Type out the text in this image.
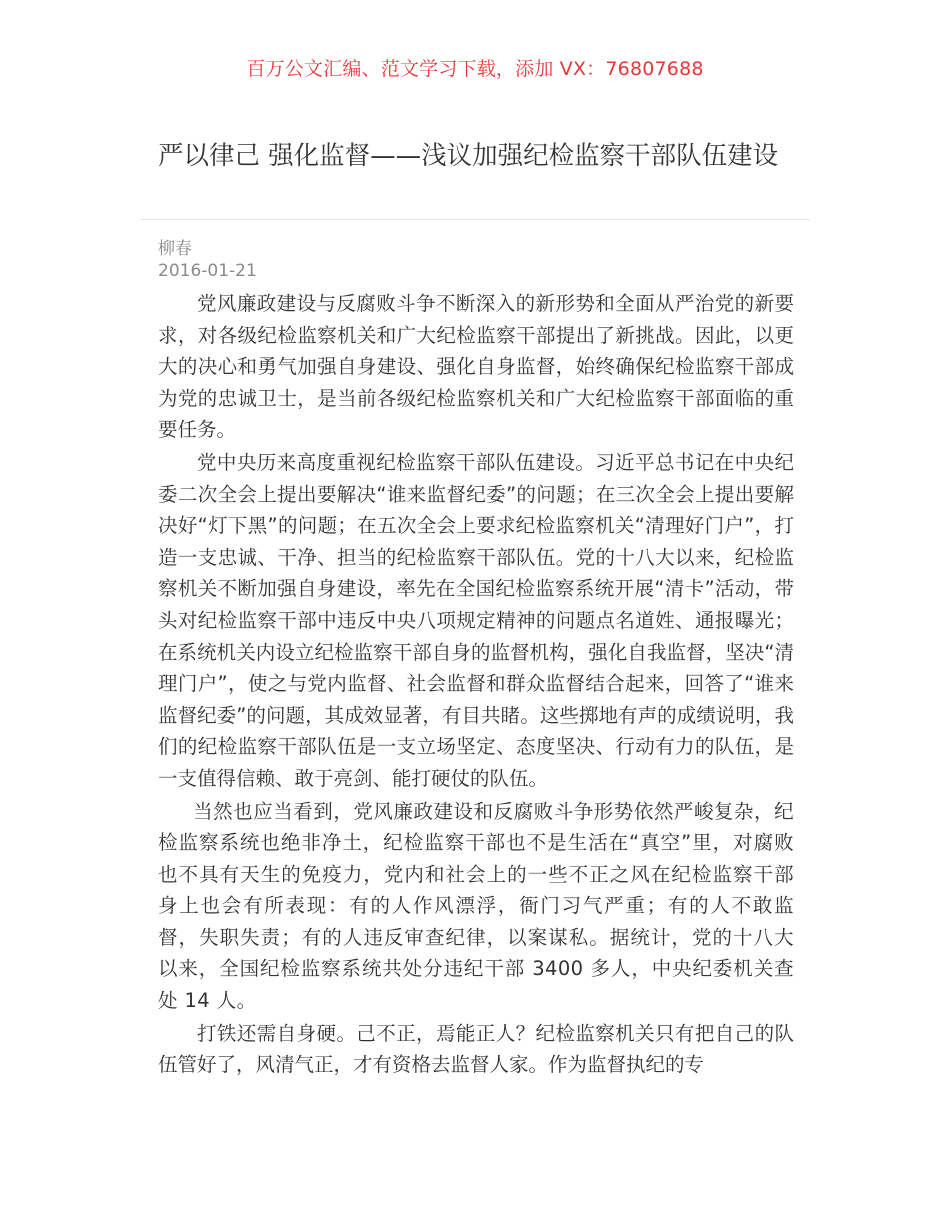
百万公文汇编、范文学习下载，添加 VX：76807688
严以律己 强化监督——浅议加强纪检监察干部队伍建设
柳春
2016-01-21

党风廉政建设与反腐败斗争不断深入的新形势和全面从严治党的新要求，对各级纪检监察机关和广大纪检监察干部提出了新挑战。因此，以更大的决心和勇气加强自身建设、强化自身监督，始终确保纪检监察干部成为党的忠诚卫士，是当前各级纪检监察机关和广大纪检监察干部面临的重要任务。

党中央历来高度重视纪检监察干部队伍建设。习近平总书记在中央纪委二次全会上提出要解决“谁来监督纪委”的问题；在三次全会上提出要解决好“灯下黑”的问题；在五次全会上要求纪检监察机关“清理好门户”，打造一支忠诚、干净、担当的纪检监察干部队伍。党的十八大以来，纪检监察机关不断加强自身建设，率先在全国纪检监察系统开展“清卡”活动，带头对纪检监察干部中违反中央八项规定精神的问题点名道姓、通报曝光；在系统机关内设立纪检监察干部自身的监督机构，强化自我监督，坚决“清理门户”，使之与党内监督、社会监督和群众监督结合起来，回答了“谁来监督纪委”的问题，其成效显著，有目共睹。这些掷地有声的成绩说明，我们的纪检监察干部队伍是一支立场坚定、态度坚决、行动有力的队伍，是一支值得信赖、敢于亮剑、能打硬仗的队伍。

当然也应当看到，党风廉政建设和反腐败斗争形势依然严峻复杂，纪检监察系统也绝非净土，纪检监察干部也不是生活在“真空”里，对腐败也不具有天生的免疫力，党内和社会上的一些不正之风在纪检监察干部身上也会有所表现：有的人作风漂浮，衙门习气严重；有的人不敢监督，失职失责；有的人违反审查纪律，以案谋私。据统计，党的十八大以来，全国纪检监察系统共处分违纪干部 3400 多人，中央纪委机关查处 14 人。

打铁还需自身硬。己不正，焉能正人？纪检监察机关只有把自己的队伍管好了，风清气正，才有资格去监督人家。作为监督执纪的专
